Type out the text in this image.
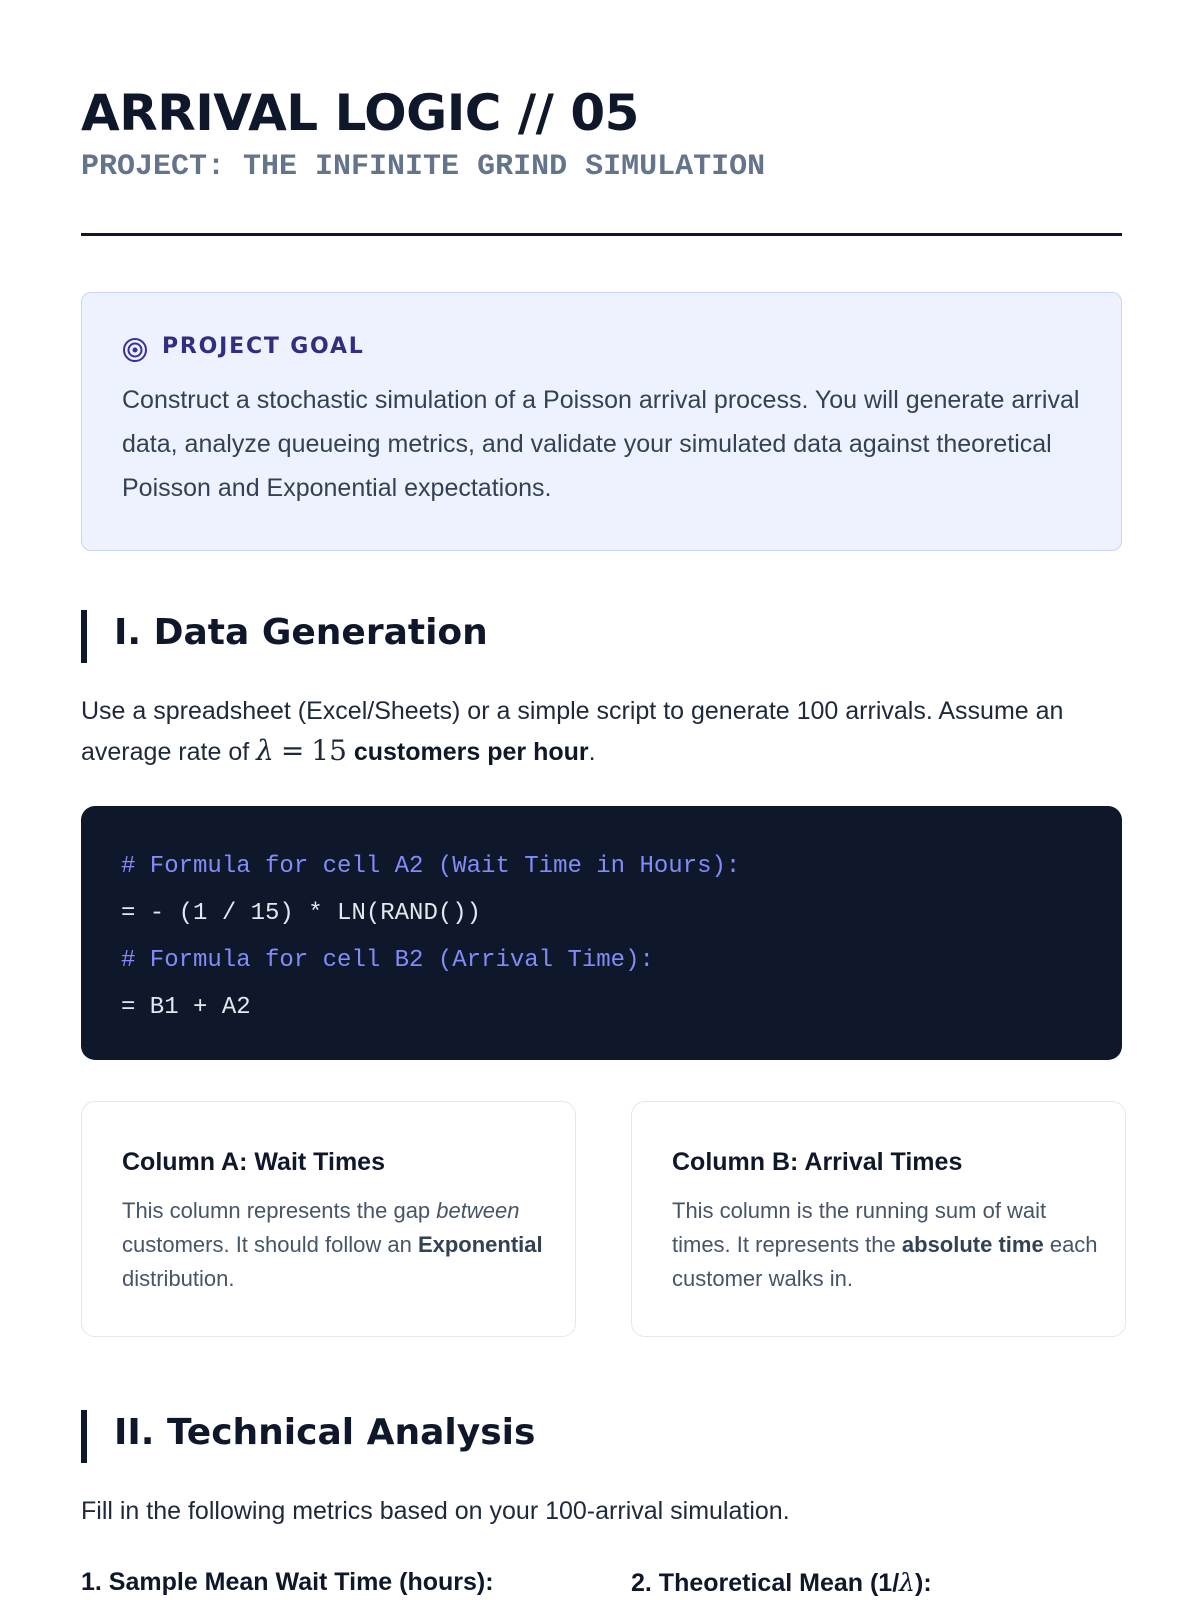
ARRIVAL LOGIC // 05
PROJECT: THE INFINITE GRIND SIMULATION
PROJECT GOAL
Construct a stochastic simulation of a Poisson arrival process. You will generate arrival data, analyze queueing metrics, and validate your simulated data against theoretical Poisson and Exponential expectations.
I. Data Generation
Use a spreadsheet (Excel/Sheets) or a simple script to generate 100 arrivals. Assume an average rate of λ = 15 customers per hour.
# Formula for cell A2 (Wait Time in Hours):
= - (1 / 15) * LN(RAND())
# Formula for cell B2 (Arrival Time):
= B1 + A2
Column A: Wait Times
This column represents the gap between customers. It should follow an Exponential distribution.
Column B: Arrival Times
This column is the running sum of wait times. It represents the absolute time each customer walks in.
II. Technical Analysis
Fill in the following metrics based on your 100-arrival simulation.
1. Sample Mean Wait Time (hours):	2. Theoretical Mean (1/λ):
